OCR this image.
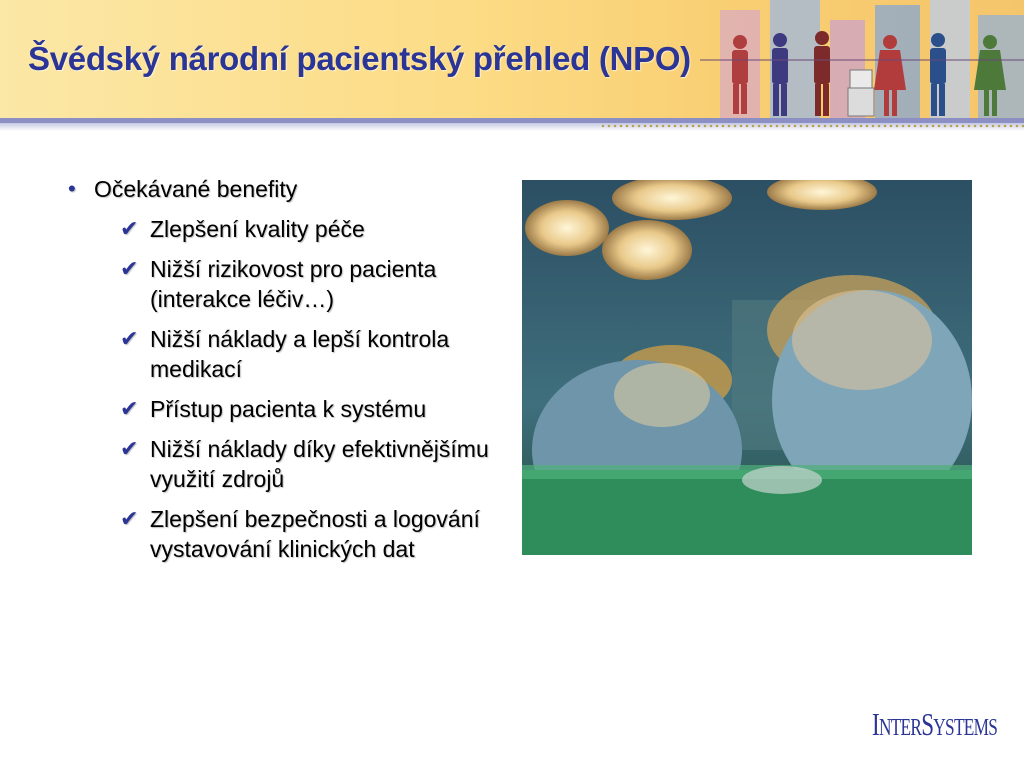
Švédský národní pacientský přehled (NPO)
• Očekávané benefity
✔ Zlepšení kvality péče
✔ Nižší rizikovost pro pacienta (interakce léčiv…)
✔ Nižší náklady a lepší kontrola medikací
✔ Přístup pacienta k systému
✔ Nižší náklady díky efektivnějšímu využití zdrojů
✔ Zlepšení bezpečnosti a logování vystavování klinických dat
INTERSYSTEMS
